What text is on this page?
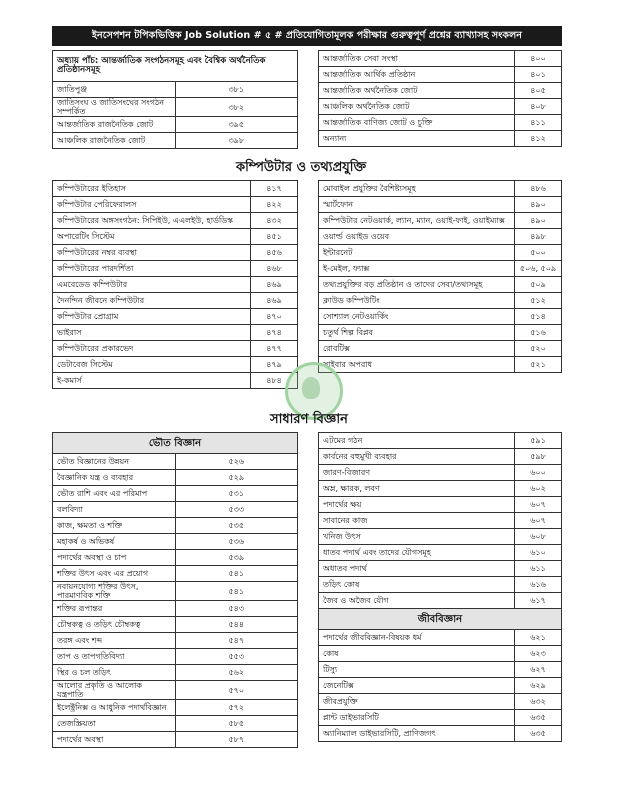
ইনসেপশন টপিকভিত্তিক Job Solution # ৫ # প্রতিযোগিতামূলক পরীক্ষার গুরুত্বপূর্ণ প্রশ্নের ব্যাখ্যাসহ সংকলন
অধ্যায় পাঁচ: আন্তর্জাতিক সংগঠনসমূহ এবং বৈশ্বিক অর্থনৈতিক প্রতিষ্ঠানসমূহ	
জাতিপুঞ্জ	৩৮১
জাতিসংঘ ও জাতিসংঘের সংগঠন সম্পর্কিত	৩৮২
আন্তর্জাতিক রাজনৈতিক জোট	৩৯৫
আঞ্চলিক রাজনৈতিক জোট	৩৯৮
আন্তর্জাতিক সেবা সংস্থা	৪০০
আন্তর্জাতিক আর্থিক প্রতিষ্ঠান	৪০১
আন্তর্জাতিক অর্থনৈতিক জোট	৪০৫
আঞ্চলিক অর্থনৈতিক জোট	৪০৮
আন্তর্জাতিক বাণিজ্য জোট ও চুক্তি	৪১১
অন্যান্য	৪১২
কম্পিউটার ও তথ্যপ্রযুক্তি
কম্পিউটারের ইতিহাস	৪১৭
কম্পিউটার পেরিফেরালস	৪২২
কম্পিউটারের অঙ্গসংগঠন: সিপিইউ, এএলইউ, হার্ডডিস্ক	৪৩২
অপারেটিং সিস্টেম	৪৫১
কম্পিউটারের নম্বর ব্যবস্থা	৪৫৬
কম্পিউটারের পারদর্শিতা	৪৬৮
এমবেডেড কম্পিউটার	৪৬৯
দৈনন্দিন জীবনে কম্পিউটার	৪৬৯
কম্পিউটার প্রোগ্রাম	৪৭০
ভাইরাস	৪৭৪
কম্পিউটারের প্রকারভেদ	৪৭৭
ডেটাবেজ সিস্টেম	৪৭৯
ই-কমার্স	৪৮৪
মোবাইল প্রযুক্তির বৈশিষ্ট্যসমূহ	৪৮৬
স্মার্টফোন	৪৯০
কম্পিউটার নেটওয়ার্ক, ল্যান, ম্যান, ওয়াই-ফাই, ওয়াইম্যাক্স	৪৯০
ওয়ার্ল্ড ওয়াইড ওয়েব	৪৯৮
ইন্টারনেট	৫০০
ই-মেইল, ফ্যাক্স	৫০৬, ৫০৯
তথ্যপ্রযুক্তির বড় প্রতিষ্ঠান ও তাদের সেবা/তথ্যসমূহ	৫০৯
ক্লাউড কম্পিউটিং	৫১২
সোশ্যাল নেটওয়ার্কিং	৫১৪
চতুর্থ শিল্প বিপ্লব	৫১৬
রোবটিক্স	৫২০
সাইবার অপরাধ	৫২১
সাধারণ বিজ্ঞান
ভৌত বিজ্ঞান	
ভৌত বিজ্ঞানের উন্নয়ন	৫২৬
বৈজ্ঞানিক যন্ত্র ও ব্যবহার	৫২৯
ভৌত রাশি এবং এর পরিমাপ	৫৩১
বলবিদ্যা	৫৩৩
কাজ, ক্ষমতা ও শক্তি	৫৩৫
মহাকর্ষ ও অভিকর্ষ	৫৩৬
পদার্থের অবস্থা ও চাপ	৫৩৯
শক্তির উৎস এবং এর প্রয়োগ	৫৪১
নবায়নযোগ্য শক্তির উৎস, পারমাণবিক শক্তি	৫৪১
শক্তির রূপান্তর	৫৪৩
চৌম্বকত্ব ও তড়িৎ চৌম্বকত্ব	৫৪৪
তরঙ্গ এবং শব্দ	৫৪৭
তাপ ও তাপগতিবিদ্যা	৫৫৩
স্থির ও চল তড়িৎ	৫৬২
আলোর প্রকৃতি ও আলোক যন্ত্রপাতি	৫৭০
ইলেক্ট্রনিক্স ও আধুনিক পদার্থবিজ্ঞান	৫৭২
তেজস্ক্রিয়তা	৫৮৫
পদার্থের অবস্থা	৫৮৭
এটমের গঠন	৫৯১
কার্বনের বহুমুখী ব্যবহার	৫৯৮
জারণ-বিজারণ	৬০০
অম্ল, ক্ষারক, লবণ	৬০২
পদার্থের ক্ষয়	৬০৭
সাবানের কাজ	৬০৭
খনিজ উৎস	৬০৮
ধাতব পদার্থ এবং তাদের যৌগসমূহ	৬১০
অধাতব পদার্থ	৬১১
তড়িৎ কোষ	৬১৬
জৈব ও অজৈব যৌগ	৬১৭
জীববিজ্ঞান	
পদার্থের জীববিজ্ঞান-বিষয়ক ধর্ম	৬২১
কোষ	৬২৩
টিস্যু	৬২৭
জেনেটিক্স	৬২৯
জীবপ্রযুক্তি	৬৩২
প্লান্ট ডাইভারসিটি	৬৩৫
অ্যানিম্যাল ডাইভারসিটি, প্রাণিজগৎ	৬৩৫
